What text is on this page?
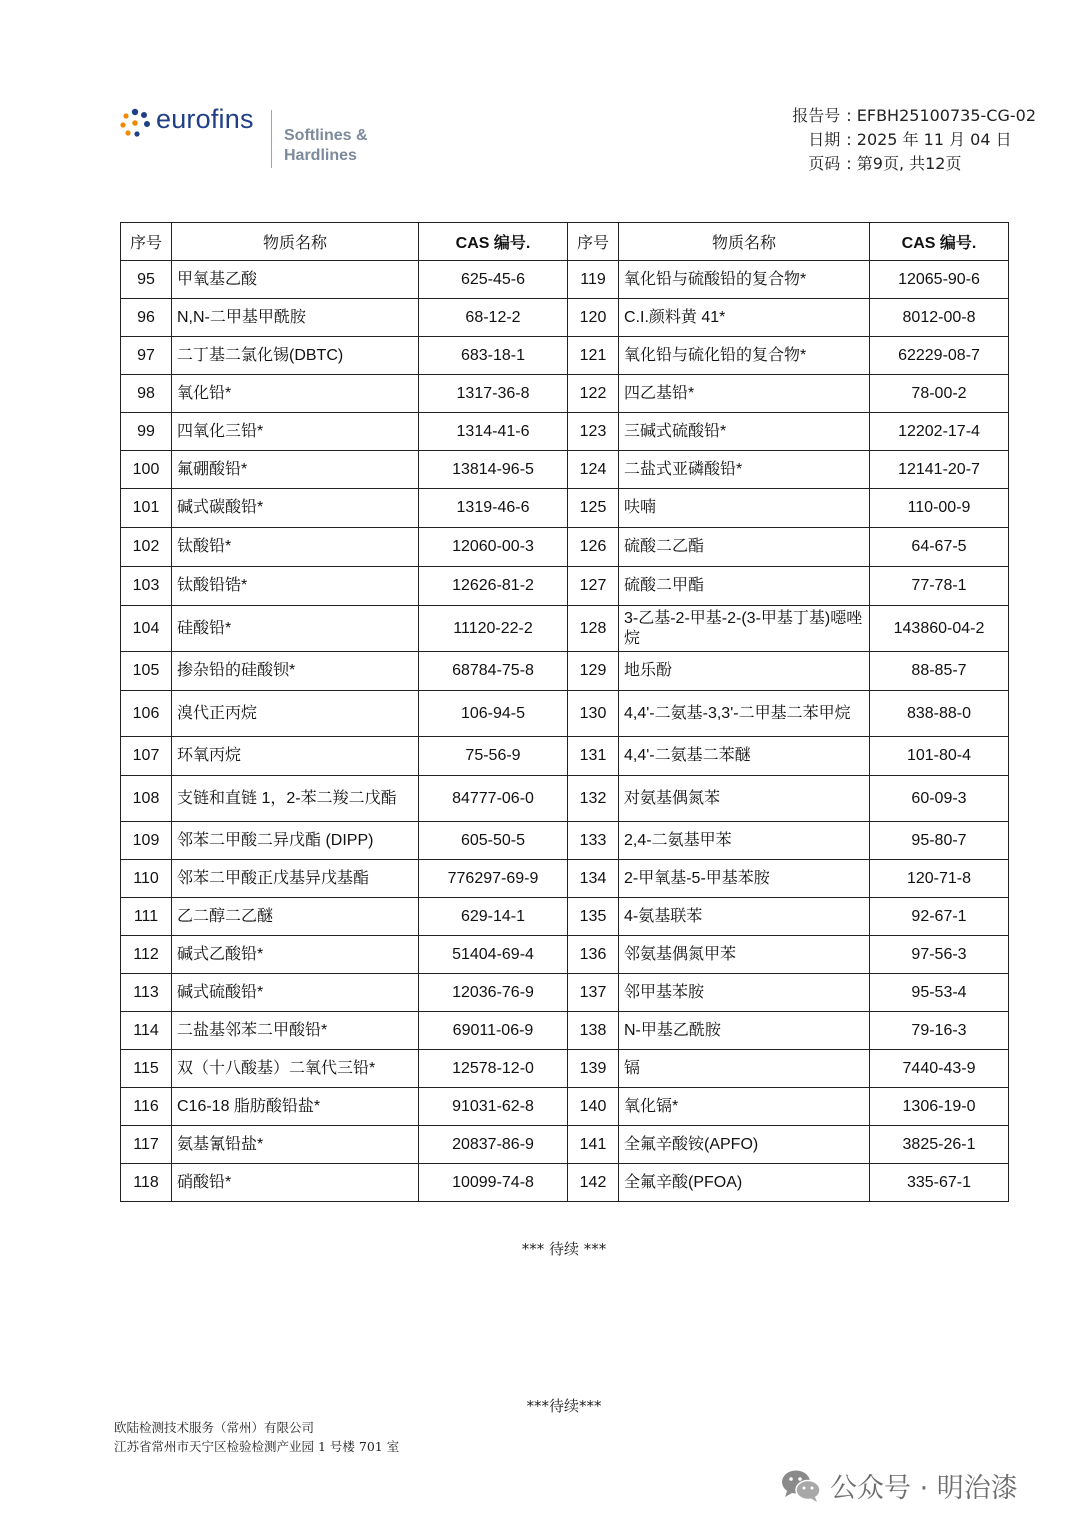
eurofins
Softlines &
Hardlines
报告号 : EFBH25100735-CG-02
日期 : 2025 年 11 月 04 日
页码 : 第9页, 共12页
序号	物质名称	CAS 编号.	序号	物质名称	CAS 编号.
95	甲氧基乙酸	625-45-6	119	氧化铅与硫酸铅的复合物*	12065-90-6
96	N,N-二甲基甲酰胺	68-12-2	120	C.I.颜料黄 41*	8012-00-8
97	二丁基二氯化锡(DBTC)	683-18-1	121	氧化铅与硫化铅的复合物*	62229-08-7
98	氧化铅*	1317-36-8	122	四乙基铅*	78-00-2
99	四氧化三铅*	1314-41-6	123	三碱式硫酸铅*	12202-17-4
100	氟硼酸铅*	13814-96-5	124	二盐式亚磷酸铅*	12141-20-7
101	碱式碳酸铅*	1319-46-6	125	呋喃	110-00-9
102	钛酸铅*	12060-00-3	126	硫酸二乙酯	64-67-5
103	钛酸铅锆*	12626-81-2	127	硫酸二甲酯	77-78-1
104	硅酸铅*	11120-22-2	128	3-乙基-2-甲基-2-(3-甲基丁基)噁唑烷	143860-04-2
105	掺杂铅的硅酸钡*	68784-75-8	129	地乐酚	88-85-7
106	溴代正丙烷	106-94-5	130	4,4'-二氨基-3,3'-二甲基二苯甲烷	838-88-0
107	环氧丙烷	75-56-9	131	4,4'-二氨基二苯醚	101-80-4
108	支链和直链 1，2-苯二羧二戊酯	84777-06-0	132	对氨基偶氮苯	60-09-3
109	邻苯二甲酸二异戊酯 (DIPP)	605-50-5	133	2,4-二氨基甲苯	95-80-7
110	邻苯二甲酸正戊基异戊基酯	776297-69-9	134	2-甲氧基-5-甲基苯胺	120-71-8
111	乙二醇二乙醚	629-14-1	135	4-氨基联苯	92-67-1
112	碱式乙酸铅*	51404-69-4	136	邻氨基偶氮甲苯	97-56-3
113	碱式硫酸铅*	12036-76-9	137	邻甲基苯胺	95-53-4
114	二盐基邻苯二甲酸铅*	69011-06-9	138	N-甲基乙酰胺	79-16-3
115	双（十八酸基）二氧代三铅*	12578-12-0	139	镉	7440-43-9
116	C16-18 脂肪酸铅盐*	91031-62-8	140	氧化镉*	1306-19-0
117	氨基氰铅盐*	20837-86-9	141	全氟辛酸铵(APFO)	3825-26-1
118	硝酸铅*	10099-74-8	142	全氟辛酸(PFOA)	335-67-1
*** 待续 ***
***待续***
欧陆检测技术服务（常州）有限公司
江苏省常州市天宁区检验检测产业园 1 号楼 701 室
公众号 · 明治漆
